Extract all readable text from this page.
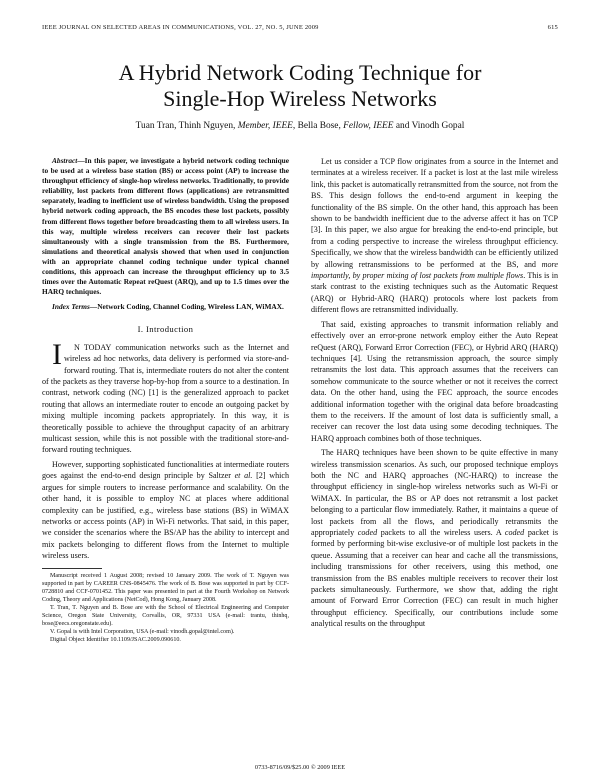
IEEE JOURNAL ON SELECTED AREAS IN COMMUNICATIONS, VOL. 27, NO. 5, JUNE 2009	615
A Hybrid Network Coding Technique for
Single-Hop Wireless Networks
Tuan Tran, Thinh Nguyen, Member, IEEE, Bella Bose, Fellow, IEEE and Vinodh Gopal

Abstract—In this paper, we investigate a hybrid network coding technique to be used at a wireless base station (BS) or access point (AP) to increase the throughput efficiency of single-hop wireless networks. Traditionally, to provide reliability, lost packets from different flows (applications) are retransmitted separately, leading to inefficient use of wireless bandwidth. Using the proposed hybrid network coding approach, the BS encodes these lost packets, possibly from different flows together before broadcasting them to all wireless users. In this way, multiple wireless receivers can recover their lost packets simultaneously with a single transmission from the BS. Furthermore, simulations and theoretical analysis showed that when used in conjunction with an appropriate channel coding technique under typical channel conditions, this approach can increase the throughput efficiency up to 3.5 times over the Automatic Repeat reQuest (ARQ), and up to 1.5 times over the HARQ techniques.

Index Terms—Network Coding, Channel Coding, Wireless LAN, WiMAX.

I. Introduction

I N TODAY communication networks such as the Internet and wireless ad hoc networks, data delivery is performed via store-and-forward routing. That is, intermediate routers do not alter the content of the packets as they traverse hop-by-hop from a source to a destination. In contrast, network coding (NC) [1] is the generalized approach to packet routing that allows an intermediate router to encode an outgoing packet by mixing multiple incoming packets appropriately. In this way, it is theoretically possible to achieve the throughput capacity of an arbitrary multicast session, while this is not possible with the traditional store-and-forward routing techniques.

However, supporting sophisticated functionalities at intermediate routers goes against the end-to-end design principle by Saltzer et al. [2] which argues for simple routers to increase performance and scalability. On the other hand, it is possible to employ NC at places where additional complexity can be justified, e.g., wireless base stations (BS) in WiMAX networks or access points (AP) in Wi-Fi networks. That said, in this paper, we consider the scenarios where the BS/AP has the ability to intercept and mix packets belonging to different flows from the Internet to multiple wireless users.

Manuscript received 1 August 2008; revised 10 January 2009. The work of T. Nguyen was supported in part by CAREER CNS-0845476. The work of B. Bose was supported in part by CCF-0728810 and CCF-0701452. This paper was presented in part at the Fourth Workshop on Network Coding, Theory and Applications (NetCod), Hong Kong, January 2008.

T. Tran, T. Nguyen and B. Bose are with the School of Electrical Engineering and Computer Science, Oregon State University, Corvallis, OR, 97331 USA (e-mail: trantu, thinhq, bose@eecs.oregonstate.edu).

V. Gopal is with Intel Corporation, USA (e-mail: vinodh.gopal@intel.com).

Digital Object Identifier 10.1109/JSAC.2009.090610.

Let us consider a TCP flow originates from a source in the Internet and terminates at a wireless receiver. If a packet is lost at the last mile wireless link, this packet is automatically retransmitted from the source, not from the BS. This design follows the end-to-end argument in keeping the functionality of the BS simple. On the other hand, this approach has been shown to be bandwidth inefficient due to the adverse affect it has on TCP [3]. In this paper, we also argue for breaking the end-to-end principle, but from a coding perspective to increase the wireless throughput efficiency. Specifically, we show that the wireless bandwidth can be efficiently utilized by allowing retransmissions to be performed at the BS, and more importantly, by proper mixing of lost packets from multiple flows. This is in stark contrast to the existing techniques such as the Automatic Request (ARQ) or Hybrid-ARQ (HARQ) protocols where lost packets from different flows are retransmitted individually.

That said, existing approaches to transmit information reliably and effectively over an error-prone network employ either the Auto Repeat reQuest (ARQ), Forward Error Correction (FEC), or Hybrid ARQ (HARQ) techniques [4]. Using the retransmission approach, the source simply retransmits the lost data. This approach assumes that the receivers can somehow communicate to the source whether or not it receives the correct data. On the other hand, using the FEC approach, the source encodes additional information together with the original data before broadcasting them to the receivers. If the amount of lost data is sufficiently small, a receiver can recover the lost data using some decoding techniques. The HARQ approach combines both of those techniques.

The HARQ techniques have been shown to be quite effective in many wireless transmission scenarios. As such, our proposed technique employs both the NC and HARQ approaches (NC-HARQ) to increase the throughput efficiency in single-hop wireless networks such as Wi-Fi or WiMAX. In particular, the BS or AP does not retransmit a lost packet belonging to a particular flow immediately. Rather, it maintains a queue of lost packets from all the flows, and periodically retransmits the appropriately coded packets to all the wireless users. A coded packet is formed by performing bit-wise exclusive-or of multiple lost packets in the queue. Assuming that a receiver can hear and cache all the transmissions, including transmissions for other receivers, using this method, one transmission from the BS enables multiple receivers to recover their lost packets simultaneously. Furthermore, we show that, adding the right amount of Forward Error Correction (FEC) can result in much higher throughput efficiency. Specifically, our contributions include some analytical results on the throughput

0733-8716/09/$25.00 © 2009 IEEE
